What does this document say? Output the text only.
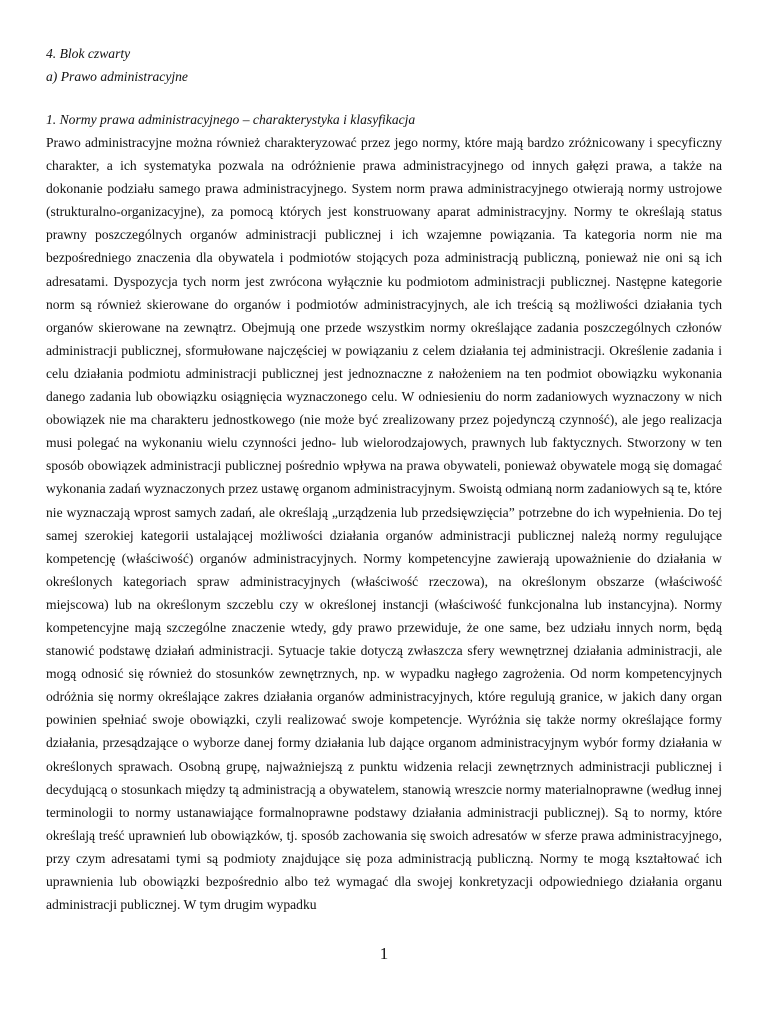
4. Blok czwarty

a) Prawo administracyjne

1. Normy prawa administracyjnego – charakterystyka i klasyfikacja

Prawo administracyjne można również charakteryzować przez jego normy, które mają bardzo zróżnicowany i specyficzny charakter, a ich systematyka pozwala na odróżnienie prawa administracyjnego od innych gałęzi prawa, a także na dokonanie podziału samego prawa administracyjnego. System norm prawa administracyjnego otwierają normy ustrojowe (strukturalno-organizacyjne), za pomocą których jest konstruowany aparat administracyjny. Normy te określają status prawny poszczególnych organów administracji publicznej i ich wzajemne powiązania. Ta kategoria norm nie ma bezpośredniego znaczenia dla obywatela i podmiotów stojących poza administracją publiczną, ponieważ nie oni są ich adresatami. Dyspozycja tych norm jest zwrócona wyłącznie ku podmiotom administracji publicznej. Następne kategorie norm są również skierowane do organów i podmiotów administracyjnych, ale ich treścią są możliwości działania tych organów skierowane na zewnątrz. Obejmują one przede wszystkim normy określające zadania poszczególnych członów administracji publicznej, sformułowane najczęściej w powiązaniu z celem działania tej administracji. Określenie zadania i celu działania podmiotu administracji publicznej jest jednoznaczne z nałożeniem na ten podmiot obowiązku wykonania danego zadania lub obowiązku osiągnięcia wyznaczonego celu. W odniesieniu do norm zadaniowych wyznaczony w nich obowiązek nie ma charakteru jednostkowego (nie może być zrealizowany przez pojedynczą czynność), ale jego realizacja musi polegać na wykonaniu wielu czynności jedno- lub wielorodzajowych, prawnych lub faktycznych. Stworzony w ten sposób obowiązek administracji publicznej pośrednio wpływa na prawa obywateli, ponieważ obywatele mogą się domagać wykonania zadań wyznaczonych przez ustawę organom administracyjnym. Swoistą odmianą norm zadaniowych są te, które nie wyznaczają wprost samych zadań, ale określają „urządzenia lub przedsięwzięcia” potrzebne do ich wypełnienia. Do tej samej szerokiej kategorii ustalającej możliwości działania organów administracji publicznej należą normy regulujące kompetencję (właściwość) organów administracyjnych. Normy kompetencyjne zawierają upoważnienie do działania w określonych kategoriach spraw administracyjnych (właściwość rzeczowa), na określonym obszarze (właściwość miejscowa) lub na określonym szczeblu czy w określonej instancji (właściwość funkcjonalna lub instancyjna). Normy kompetencyjne mają szczególne znaczenie wtedy, gdy prawo przewiduje, że one same, bez udziału innych norm, będą stanowić podstawę działań administracji. Sytuacje takie dotyczą zwłaszcza sfery wewnętrznej działania administracji, ale mogą odnosić się również do stosunków zewnętrznych, np. w wypadku nagłego zagrożenia. Od norm kompetencyjnych odróżnia się normy określające zakres działania organów administracyjnych, które regulują granice, w jakich dany organ powinien spełniać swoje obowiązki, czyli realizować swoje kompetencje. Wyróżnia się także normy określające formy działania, przesądzające o wyborze danej formy działania lub dające organom administracyjnym wybór formy działania w określonych sprawach. Osobną grupę, najważniejszą z punktu widzenia relacji zewnętrznych administracji publicznej i decydującą o stosunkach między tą administracją a obywatelem, stanowią wreszcie normy materialnoprawne (według innej terminologii to normy ustanawiające formalnoprawne podstawy działania administracji publicznej). Są to normy, które określają treść uprawnień lub obowiązków, tj. sposób zachowania się swoich adresatów w sferze prawa administracyjnego, przy czym adresatami tymi są podmioty znajdujące się poza administracją publiczną. Normy te mogą kształtować ich uprawnienia lub obowiązki bezpośrednio albo też wymagać dla swojej konkretyzacji odpowiedniego działania organu administracji publicznej. W tym drugim wypadku

1
